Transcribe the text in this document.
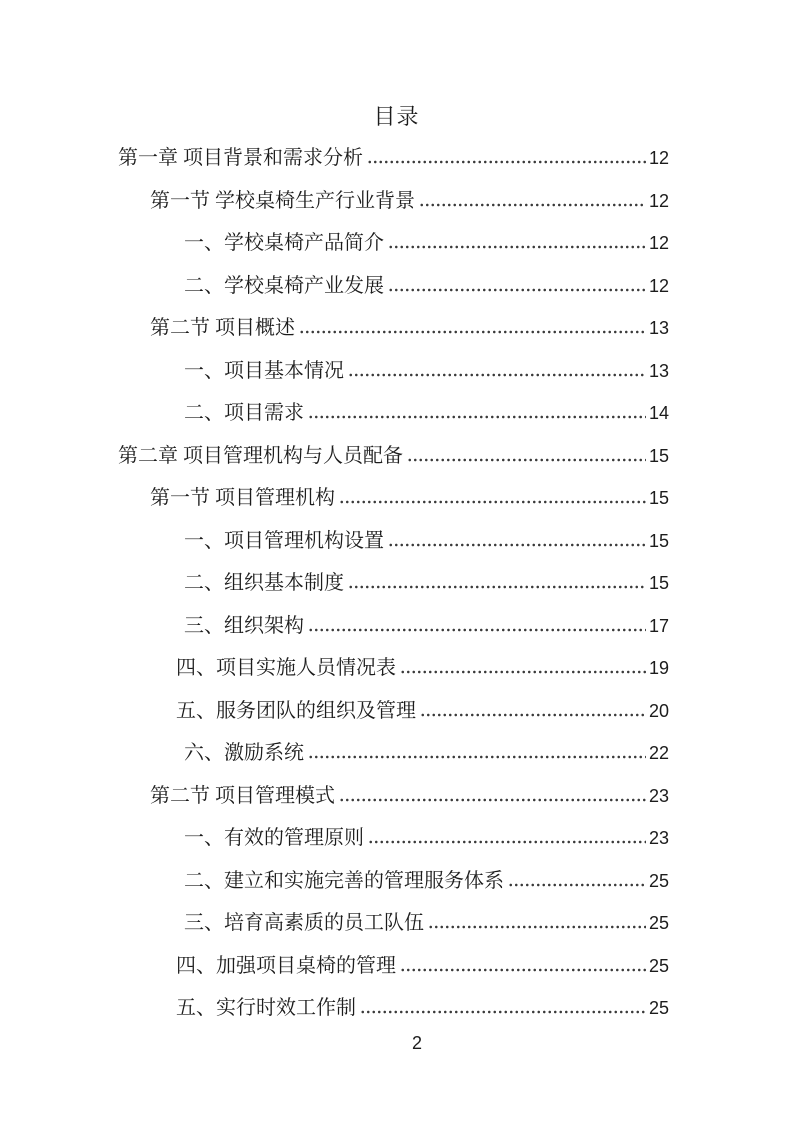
目录
第一章 项目背景和需求分析	12
第一节 学校桌椅生产行业背景	12
一、学校桌椅产品简介	12
二、学校桌椅产业发展	12
第二节 项目概述	13
一、项目基本情况	13
二、项目需求	14
第二章 项目管理机构与人员配备	15
第一节 项目管理机构	15
一、项目管理机构设置	15
二、组织基本制度	15
三、组织架构	17
四、项目实施人员情况表	19
五、服务团队的组织及管理	20
六、激励系统	22
第二节 项目管理模式	23
一、有效的管理原则	23
二、建立和实施完善的管理服务体系	25
三、培育高素质的员工队伍	25
四、加强项目桌椅的管理	25
五、实行时效工作制	25
2
